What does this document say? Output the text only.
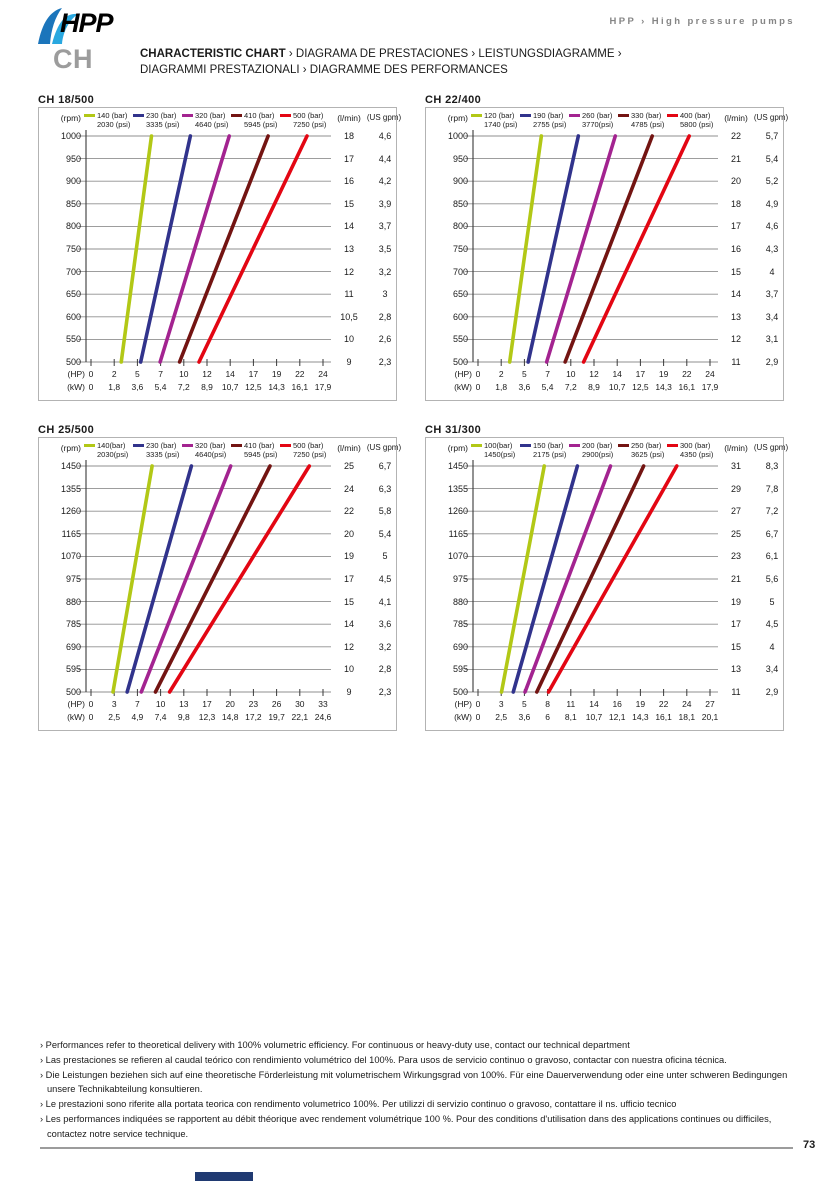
HPP
CH
HPP › High pressure pumps
CHARACTERISTIC CHART › DIAGRAMA DE PRESTACIONES › LEISTUNGSDIAGRAMME ›
DIAGRAMMI PRESTAZIONALI › DIAGRAMME DES PERFORMANCES
CH 18/500
(rpm)	(l/min) (US gpm)
140 (bar)
2030 (psi)
230 (bar)
3335 (psi)
320 (bar)
4640 (psi)
410 (bar)
5945 (psi)
500 (bar)
7250 (psi)
1000	18	4,6
950	17	4,4
900	16	4,2
850	15	3,9
800	14	3,7
750	13	3,5
700	12	3,2
650	11	3
600	10,5	2,8
550	10	2,6
500	9	2,3
(HP)
(kW)
0	2	5	7	10	12	14	17	19	22	24
0	1,8	3,6	5,4	7,2	8,9	10,7 12,5 14,3 16,1 17,9
CH 22/400
(rpm)	(l/min) (US gpm)
120 (bar)
1740 (psi)
190 (bar)
2755 (psi)
260 (bar)
3770(psi)
330 (bar)
4785 (psi)
400 (bar)
5800 (psi)
1000	22	5,7
950	21	5,4
900	20	5,2
850	18	4,9
800	17	4,6
750	16	4,3
700	15	4
650	14	3,7
600	13	3,4
550	12	3,1
500	11	2,9
(HP)
(kW)
0	2	5	7	10	12	14	17	19	22	24
0	1,8	3,6	5,4	7,2	8,9	10,7 12,5 14,3 16,1 17,9
CH 25/500
(rpm)	(l/min) (US gpm)
140(bar)
2030(psi)
230 (bar)
3335 (psi)
320 (bar)
4640(psi)
410 (bar)
5945 (psi)
500 (bar)
7250 (psi)
1450	25	6,7
1355	24	6,3
1260	22	5,8
1165	20	5,4
1070	19	5
975	17	4,5
880	15	4,1
785	14	3,6
690	12	3,2
595	10	2,8
500	9	2,3
(HP)
(kW)
0	3	7	10	13	17	20	23	26	30	33
0	2,5	4,9	7,4	9,8	12,3 14,8 17,2 19,7 22,1 24,6
CH 31/300
(rpm)	(l/min) (US gpm)
100(bar)
1450(psi)
150 (bar)
2175 (psi)
200 (bar)
2900(psi)
250 (bar)
3625 (psi)
300 (bar)
4350 (psi)
1450	31	8,3
1355	29	7,8
1260	27	7,2
1165	25	6,7
1070	23	6,1
975	21	5,6
880	19	5
785	17	4,5
690	15	4
595	13	3,4
500	11	2,9
(HP)
(kW)
0	3	5	8	11	14	16	19	22	24	27
0	2,5	3,6	6	8,1	10,7 12,1 14,3 16,1 18,1 20,1
› Performances refer to theoretical delivery with 100% volumetric efficiency. For continuous or heavy-duty use, contact our technical department
› Las prestaciones se refieren al caudal teórico con rendimiento volumétrico del 100%. Para usos de servicio continuo o gravoso, contactar con nuestra oficina técnica.
› Die Leistungen beziehen sich auf eine theoretische Förderleistung mit volumetrischem Wirkungsgrad von 100%. Für eine Dauerverwendung oder eine unter schweren Bedingungen unsere Technikabteilung konsultieren.
› Le prestazioni sono riferite alla portata teorica con rendimento volumetrico 100%. Per utilizzi di servizio continuo o gravoso, contattare il ns. ufficio tecnico
› Les performances indiquées se rapportent au débit théorique avec rendement volumétrique 100 %. Pour des conditions d'utilisation dans des applications continues ou difficiles, contactez notre service technique.
73
